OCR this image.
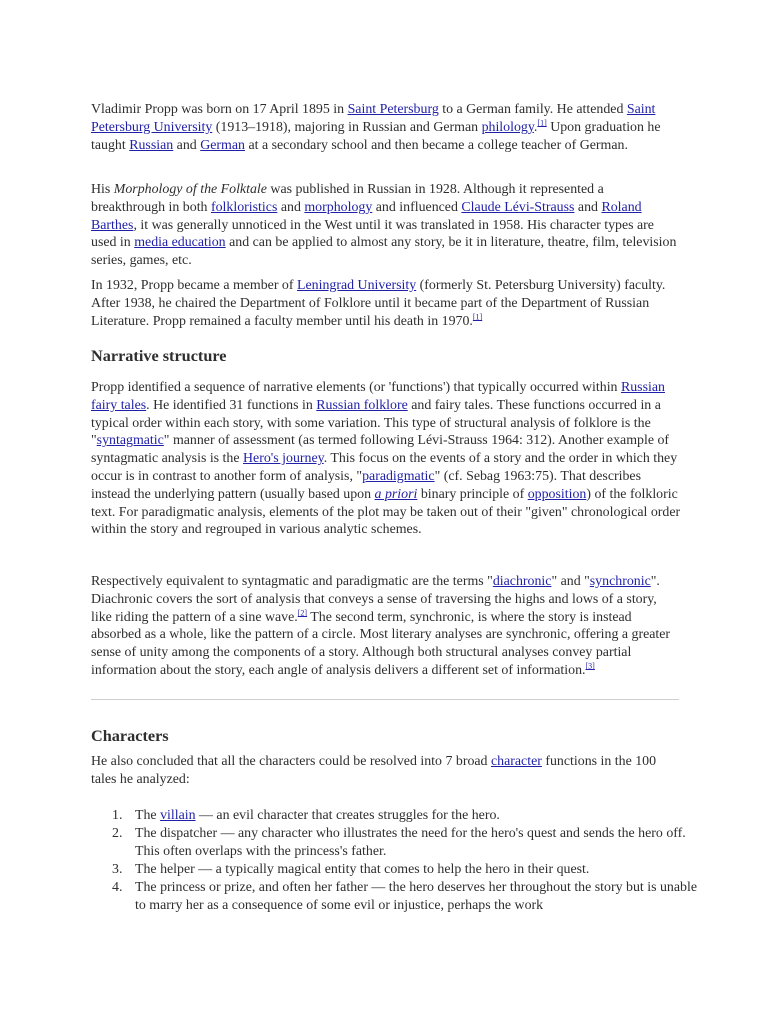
Vladimir Propp was born on 17 April 1895 in Saint Petersburg to a German family. He attended Saint Petersburg University (1913–1918), majoring in Russian and German philology.[1] Upon graduation he taught Russian and German at a secondary school and then became a college teacher of German.

His Morphology of the Folktale was published in Russian in 1928. Although it represented a breakthrough in both folkloristics and morphology and influenced Claude Lévi-Strauss and Roland Barthes, it was generally unnoticed in the West until it was translated in 1958. His character types are used in media education and can be applied to almost any story, be it in literature, theatre, film, television series, games, etc.

In 1932, Propp became a member of Leningrad University (formerly St. Petersburg University) faculty. After 1938, he chaired the Department of Folklore until it became part of the Department of Russian Literature. Propp remained a faculty member until his death in 1970.[1]

Narrative structure

Propp identified a sequence of narrative elements (or 'functions') that typically occurred within Russian fairy tales. He identified 31 functions in Russian folklore and fairy tales. These functions occurred in a typical order within each story, with some variation. This type of structural analysis of folklore is the "syntagmatic" manner of assessment (as termed following Lévi-Strauss 1964: 312). Another example of syntagmatic analysis is the Hero's journey. This focus on the events of a story and the order in which they occur is in contrast to another form of analysis, "paradigmatic" (cf. Sebag 1963:75). That describes instead the underlying pattern (usually based upon a priori binary principle of opposition) of the folkloric text. For paradigmatic analysis, elements of the plot may be taken out of their "given" chronological order within the story and regrouped in various analytic schemes.

Respectively equivalent to syntagmatic and paradigmatic are the terms "diachronic" and "synchronic". Diachronic covers the sort of analysis that conveys a sense of traversing the highs and lows of a story, like riding the pattern of a sine wave.[2] The second term, synchronic, is where the story is instead absorbed as a whole, like the pattern of a circle. Most literary analyses are synchronic, offering a greater sense of unity among the components of a story. Although both structural analyses convey partial information about the story, each angle of analysis delivers a different set of information.[3]

Characters

He also concluded that all the characters could be resolved into 7 broad character functions in the 100 tales he analyzed:

1. The villain — an evil character that creates struggles for the hero.
2. The dispatcher — any character who illustrates the need for the hero's quest and sends the hero off. This often overlaps with the princess's father.
3. The helper — a typically magical entity that comes to help the hero in their quest.
4. The princess or prize, and often her father — the hero deserves her throughout the story but is unable to marry her as a consequence of some evil or injustice, perhaps the work
